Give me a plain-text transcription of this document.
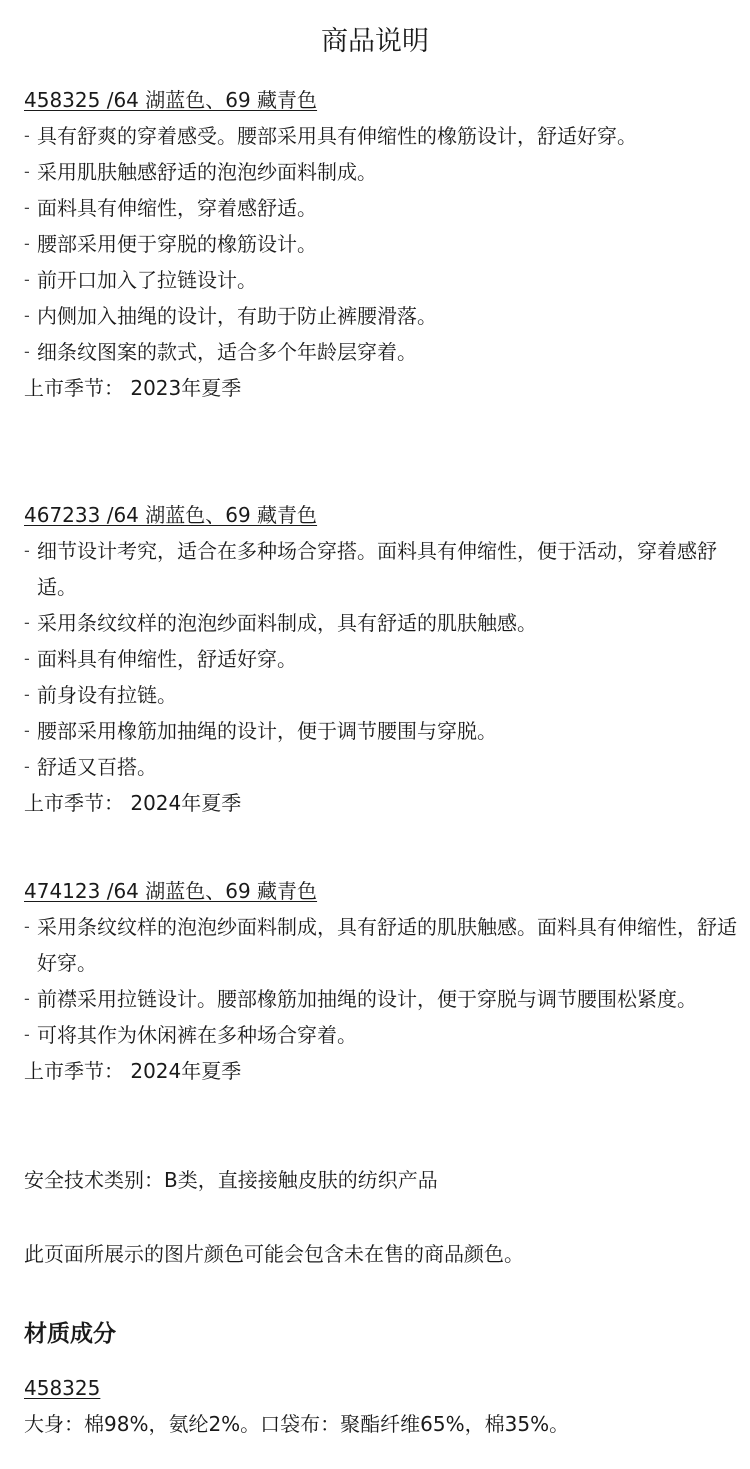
商品说明
458325 /64 湖蓝色、69 藏青色
- 具有舒爽的穿着感受。腰部采用具有伸缩性的橡筋设计，舒适好穿。
- 采用肌肤触感舒适的泡泡纱面料制成。
- 面料具有伸缩性，穿着感舒适。
- 腰部采用便于穿脱的橡筋设计。
- 前开口加入了拉链设计。
- 内侧加入抽绳的设计，有助于防止裤腰滑落。
- 细条纹图案的款式，适合多个年龄层穿着。
上市季节： 2023年夏季
467233 /64 湖蓝色、69 藏青色
- 细节设计考究，适合在多种场合穿搭。面料具有伸缩性，便于活动，穿着感舒适。
- 采用条纹纹样的泡泡纱面料制成，具有舒适的肌肤触感。
- 面料具有伸缩性，舒适好穿。
- 前身设有拉链。
- 腰部采用橡筋加抽绳的设计，便于调节腰围与穿脱。
- 舒适又百搭。
上市季节： 2024年夏季
474123 /64 湖蓝色、69 藏青色
- 采用条纹纹样的泡泡纱面料制成，具有舒适的肌肤触感。面料具有伸缩性，舒适好穿。
- 前襟采用拉链设计。腰部橡筋加抽绳的设计，便于穿脱与调节腰围松紧度。
- 可将其作为休闲裤在多种场合穿着。
上市季节： 2024年夏季
安全技术类别：B类，直接接触皮肤的纺织产品
此页面所展示的图片颜色可能会包含未在售的商品颜色。
材质成分
458325
大身：棉98%，氨纶2%。口袋布：聚酯纤维65%，棉35%。
